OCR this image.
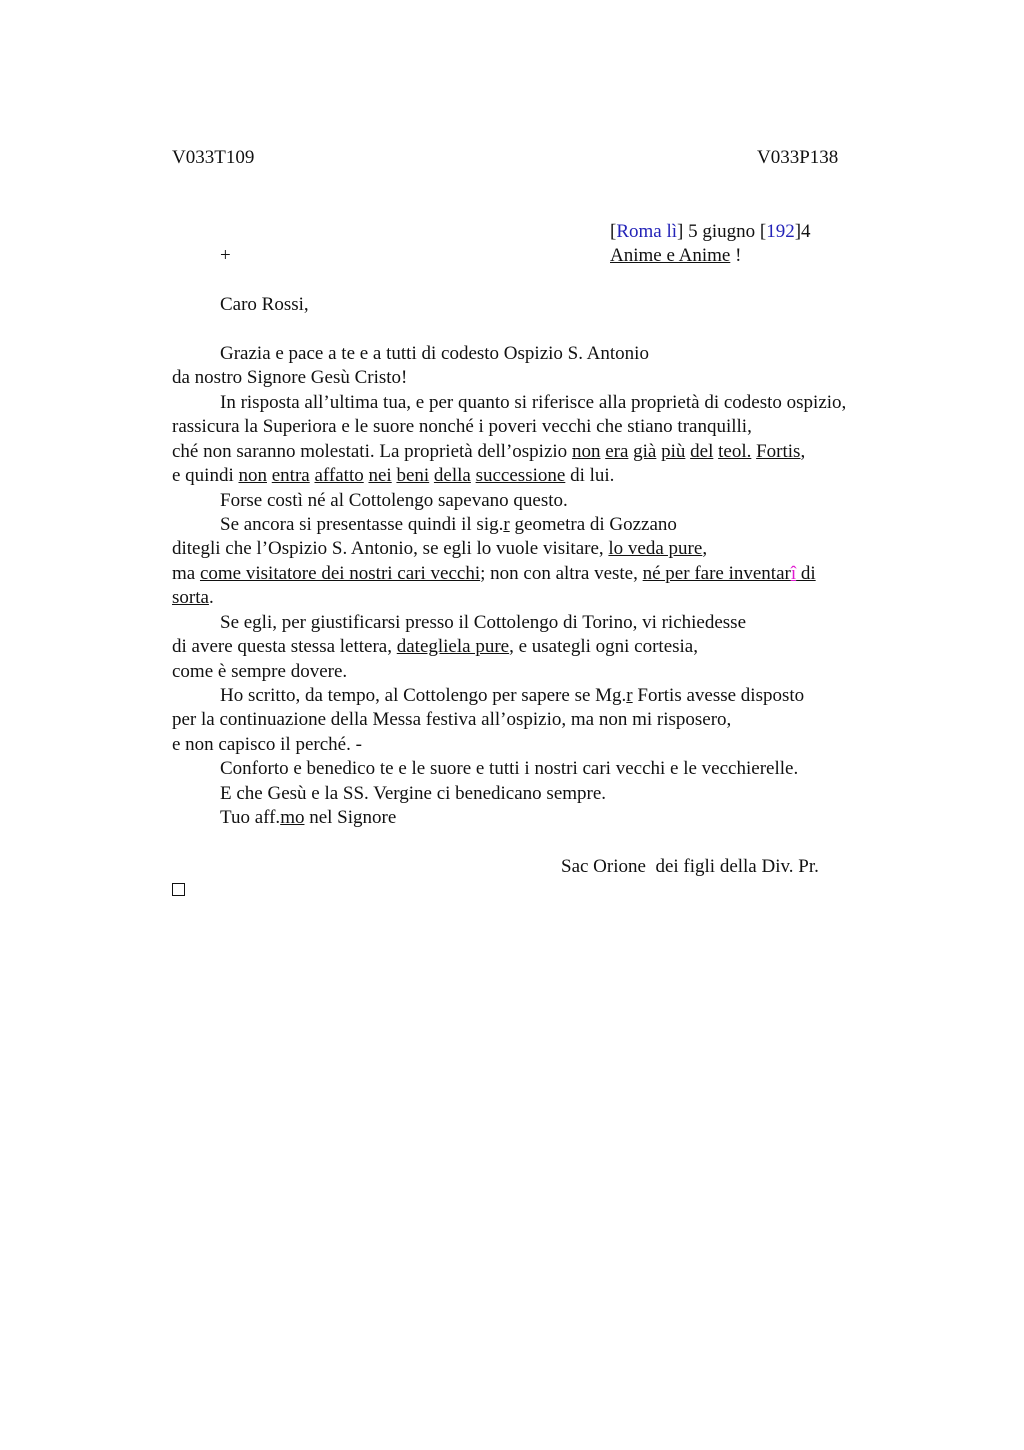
V033T109	V033P138
[Roma lì] 5 giugno [192]4
+	Anime e Anime !
Caro Rossi,
Grazia e pace a te e a tutti di codesto Ospizio S. Antonio
da nostro Signore Gesù Cristo!
In risposta all’ultima tua, e per quanto si riferisce alla proprietà di codesto ospizio,
rassicura la Superiora e le suore nonché i poveri vecchi che stiano tranquilli,
ché non saranno molestati. La proprietà dell’ospizio non era già più del teol. Fortis,
e quindi non entra affatto nei beni della successione di lui.
Forse costì né al Cottolengo sapevano questo.
Se ancora si presentasse quindi il sig.r geometra di Gozzano
ditegli che l’Ospizio S. Antonio, se egli lo vuole visitare, lo veda pure,
ma come visitatore dei nostri cari vecchi; non con altra veste, né per fare inventarî di
sorta.
Se egli, per giustificarsi presso il Cottolengo di Torino, vi richiedesse
di avere questa stessa lettera, dategliela pure, e usategli ogni cortesia,
come è sempre dovere.
Ho scritto, da tempo, al Cottolengo per sapere se Mg.r Fortis avesse disposto
per la continuazione della Messa festiva all’ospizio, ma non mi risposero,
e non capisco il perché. -
Conforto e benedico te e le suore e tutti i nostri cari vecchi e le vecchierelle.
E che Gesù e la SS. Vergine ci benedicano sempre.
Tuo aff.mo nel Signore
Sac Orione  dei figli della Div. Pr.
